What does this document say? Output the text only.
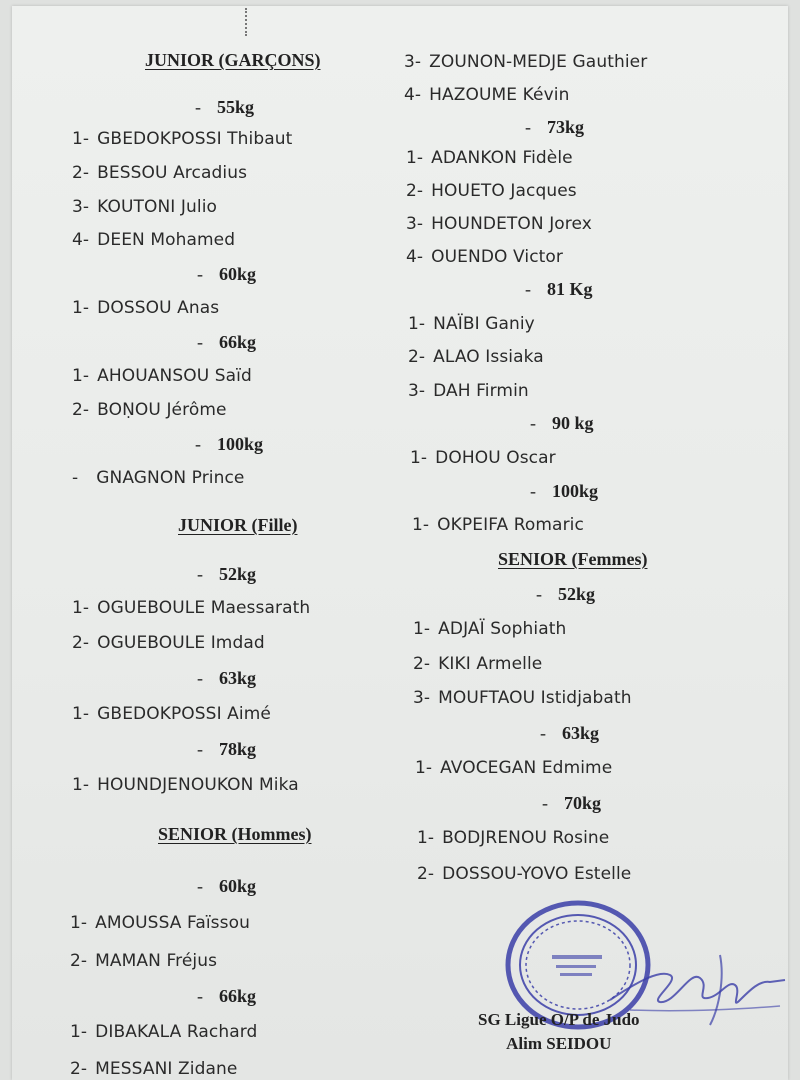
JUNIOR (GARÇONS)
- 55kg
1- GBEDOKPOSSI Thibaut
2- BESSOU Arcadius
3- KOUTONI Julio
4- DEEN Mohamed
- 60kg
1- DOSSOU Anas
- 66kg
1- AHOUANSOU Saïd
2- BOṆOU Jérôme
- 100kg
- GNAGNON Prince
JUNIOR (Fille)
- 52kg
1- OGUEBOULE Maessarath
2- OGUEBOULE Imdad
- 63kg
1- GBEDOKPOSSI Aimé
- 78kg
1- HOUNDJENOUKON Mika
SENIOR (Hommes)
- 60kg
1- AMOUSSA Faïssou
2- MAMAN Fréjus
- 66kg
1- DIBAKALA Rachard
2- MESSANI Zidane
3- ZOUNON-MEDJE Gauthier
4- HAZOUME Kévin
- 73kg
1- ADANKON Fidèle
2- HOUETO Jacques
3- HOUNDETON Jorex
4- OUENDO Victor
- 81 Kg
1- NAÏBI Ganiy
2- ALAO Issiaka
3- DAH Firmin
- 90 kg
1- DOHOU Oscar
- 100kg
1- OKPEIFA Romaric
SENIOR (Femmes)
- 52kg
1- ADJAÏ Sophiath
2- KIKI Armelle
3- MOUFTAOU Istidjabath
- 63kg
1- AVOCEGAN Edmime
- 70kg
1- BODJRENOU Rosine
2- DOSSOU-YOVO Estelle
SG Ligue O/P de Judo
Alim SEIDOU
